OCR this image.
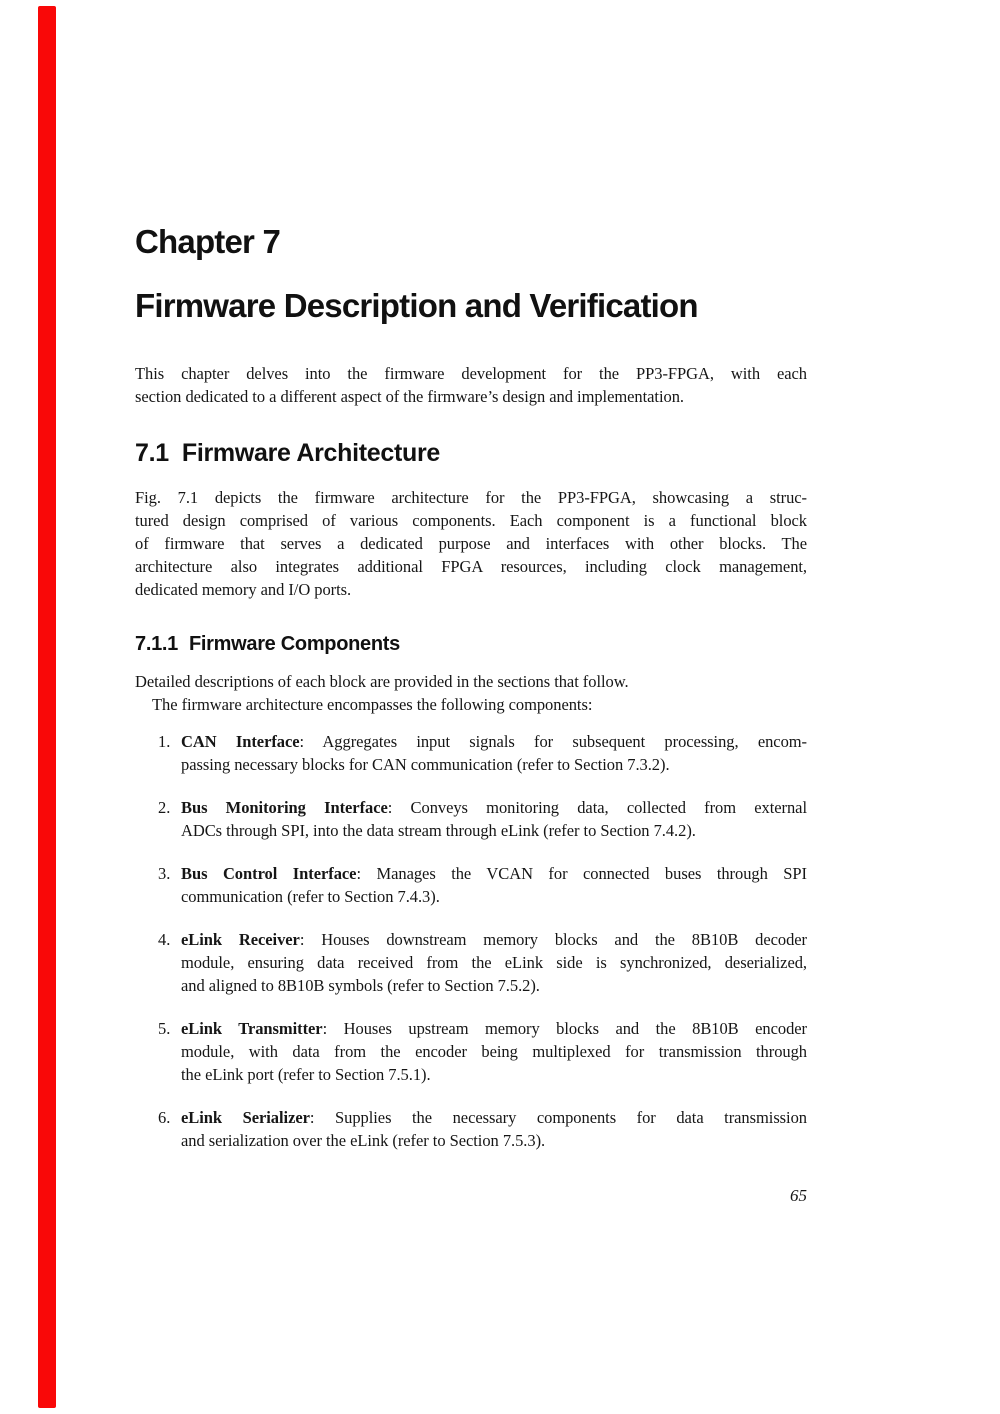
Chapter 7
Firmware Description and Verification
This chapter delves into the firmware development for the PP3-FPGA, with each
section dedicated to a different aspect of the firmware’s design and implementation.
7.1 Firmware Architecture
Fig. 7.1 depicts the firmware architecture for the PP3-FPGA, showcasing a struc-
tured design comprised of various components. Each component is a functional block
of firmware that serves a dedicated purpose and interfaces with other blocks. The
architecture also integrates additional FPGA resources, including clock management,
dedicated memory and I/O ports.
7.1.1 Firmware Components
Detailed descriptions of each block are provided in the sections that follow.
The firmware architecture encompasses the following components:
1. CAN Interface: Aggregates input signals for subsequent processing, encom-
passing necessary blocks for CAN communication (refer to Section 7.3.2).
2. Bus Monitoring Interface: Conveys monitoring data, collected from external
ADCs through SPI, into the data stream through eLink (refer to Section 7.4.2).
3. Bus Control Interface: Manages the VCAN for connected buses through SPI
communication (refer to Section 7.4.3).
4. eLink Receiver: Houses downstream memory blocks and the 8B10B decoder
module, ensuring data received from the eLink side is synchronized, deserialized,
and aligned to 8B10B symbols (refer to Section 7.5.2).
5. eLink Transmitter: Houses upstream memory blocks and the 8B10B encoder
module, with data from the encoder being multiplexed for transmission through
the eLink port (refer to Section 7.5.1).
6. eLink Serializer: Supplies the necessary components for data transmission
and serialization over the eLink (refer to Section 7.5.3).
65
